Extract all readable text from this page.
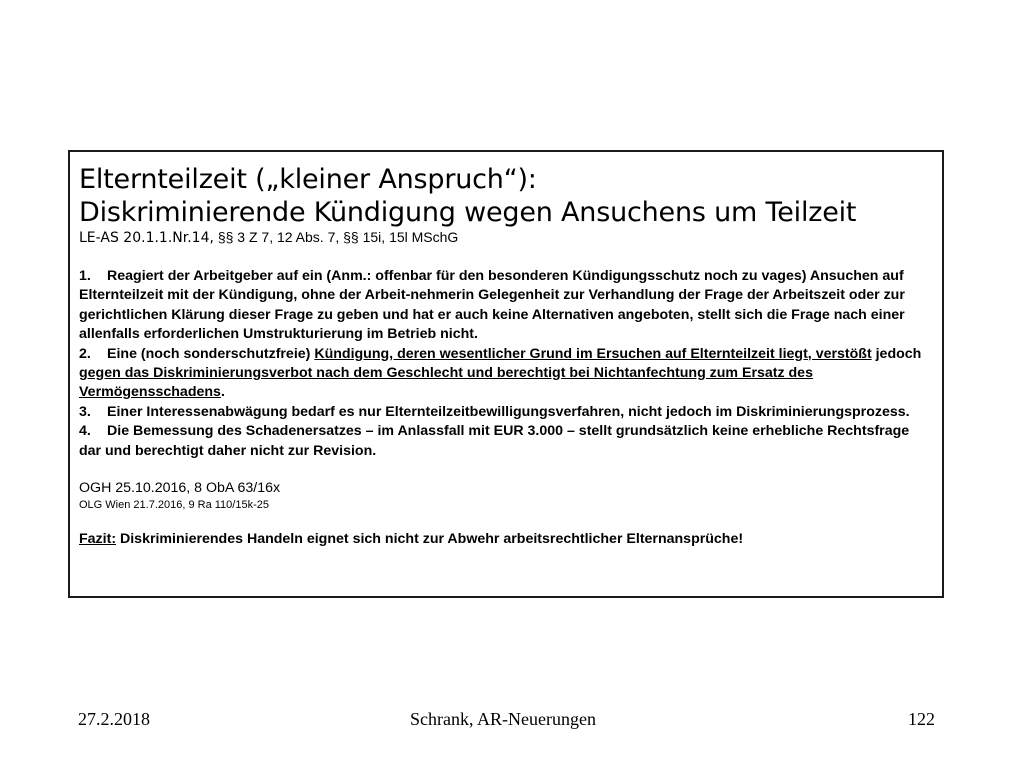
Elternteilzeit („kleiner Anspruch“):
Diskriminierende Kündigung wegen Ansuchens um Teilzeit
LE-AS 20.1.1.Nr.14, §§ 3 Z 7, 12 Abs. 7, §§ 15i, 15l MSchG
1. Reagiert der Arbeitgeber auf ein (Anm.: offenbar für den besonderen Kündigungsschutz noch zu vages) Ansuchen auf Elternteilzeit mit der Kündigung, ohne der Arbeit-nehmerin Gelegenheit zur Verhandlung der Frage der Arbeitszeit oder zur gerichtlichen Klärung dieser Frage zu geben und hat er auch keine Alternativen angeboten, stellt sich die Frage nach einer allenfalls erforderlichen Umstrukturierung im Betrieb nicht.
2. Eine (noch sonderschutzfreie) Kündigung, deren wesentlicher Grund im Ersuchen auf Elternteilzeit liegt, verstößt jedoch gegen das Diskriminierungsverbot nach dem Geschlecht und berechtigt bei Nichtanfechtung zum Ersatz des Vermögensschadens.
3. Einer Interessenabwägung bedarf es nur Elternteilzeitbewilligungsverfahren, nicht jedoch im Diskriminierungsprozess.
4. Die Bemessung des Schadenersatzes – im Anlassfall mit EUR 3.000 – stellt grundsätzlich keine erhebliche Rechtsfrage dar und berechtigt daher nicht zur Revision.
OGH 25.10.2016, 8 ObA 63/16x
OLG Wien 21.7.2016, 9 Ra 110/15k-25
Fazit: Diskriminierendes Handeln eignet sich nicht zur Abwehr arbeitsrechtlicher Elternansprüche!
27.2.2018	Schrank, AR-Neuerungen	122
